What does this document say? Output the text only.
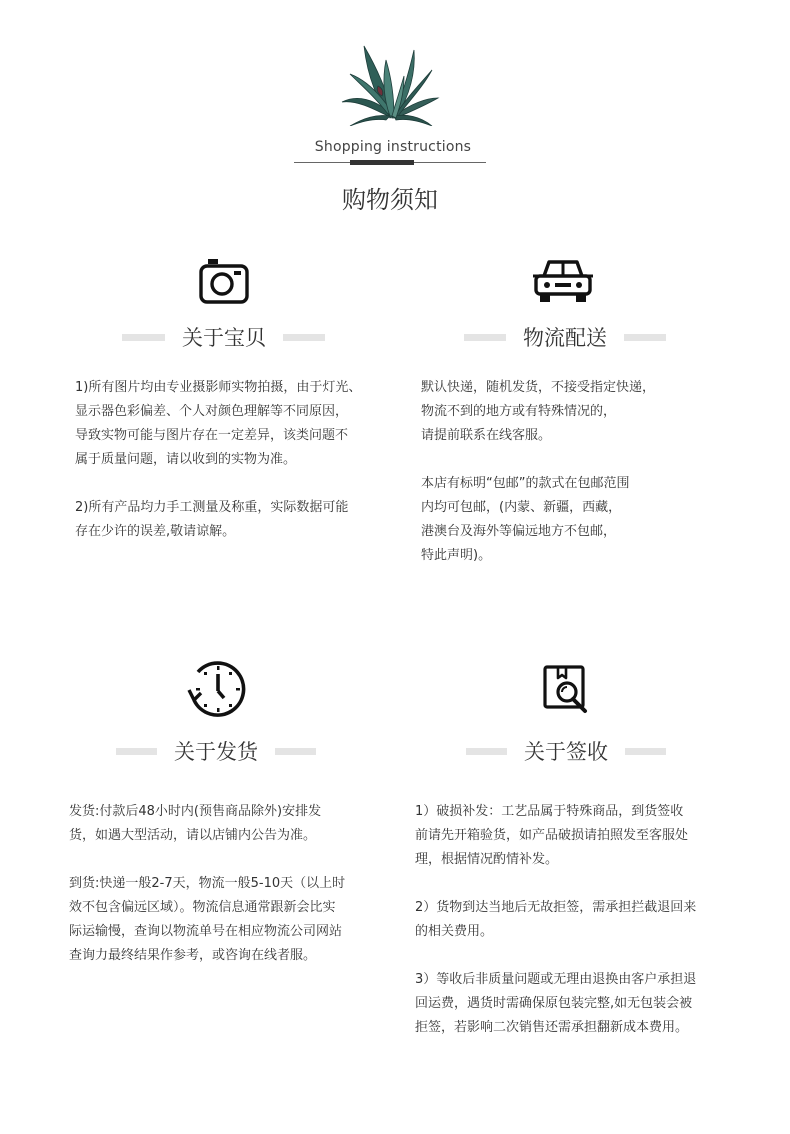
Shopping instructions
购物须知
关于宝贝

1)所有图片均由专业摄影师实物拍摄，由于灯光、

显示器色彩偏差、个人对颜色理解等不同原因，

导致实物可能与图片存在一定差异，该类问题不

属于质量问题，请以收到的实物为准。

2)所有产品均力手工测量及称重，实际数据可能

存在少许的误差,敬请谅解。

物流配送

默认快递，随机发货，不接受指定快递，

物流不到的地方或有特殊情况的，

请提前联系在线客服。

本店有标明“包邮”的款式在包邮范围

内均可包邮，(内蒙、新疆，西藏，

港澳台及海外等偏远地方不包邮，

特此声明)。

关于发货

发货:付款后48小时内(预售商品除外)安排发

货，如遇大型活动，请以店铺内公告为准。

到货:快递一般2-7天，物流一般5-10天（以上时

效不包含偏远区域）。物流信息通常跟新会比实

际运输慢，查询以物流单号在相应物流公司网站

查询力最终结果作参考，或咨询在线者服。

关于签收

1）破损补发：工艺品属于特殊商品，到货签收

前请先开箱验货，如产品破损请拍照发至客服处

理，根据情况酌情补发。

2）货物到达当地后无故拒签，需承担拦截退回来

的相关费用。

3）等收后非质量问题或无理由退换由客户承担退

回运费，遇货时需确保原包装完整,如无包装会被

拒签，若影响二次销售还需承担翻新成本费用。
